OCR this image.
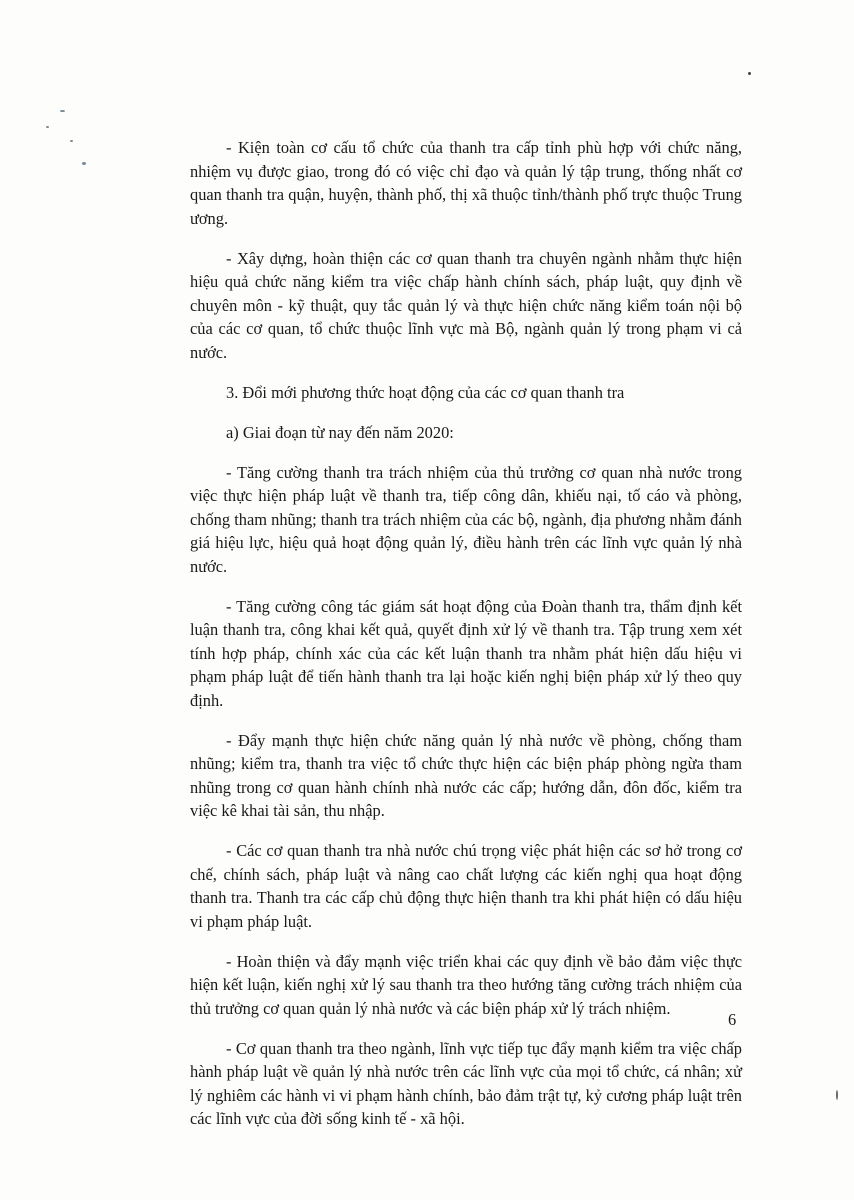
- Kiện toàn cơ cấu tổ chức của thanh tra cấp tỉnh phù hợp với chức năng, nhiệm vụ được giao, trong đó có việc chỉ đạo và quản lý tập trung, thống nhất cơ quan thanh tra quận, huyện, thành phố, thị xã thuộc tỉnh/thành phố trực thuộc Trung ương.

- Xây dựng, hoàn thiện các cơ quan thanh tra chuyên ngành nhằm thực hiện hiệu quả chức năng kiểm tra việc chấp hành chính sách, pháp luật, quy định về chuyên môn - kỹ thuật, quy tắc quản lý và thực hiện chức năng kiểm toán nội bộ của các cơ quan, tổ chức thuộc lĩnh vực mà Bộ, ngành quản lý trong phạm vi cả nước.

3. Đổi mới phương thức hoạt động của các cơ quan thanh tra

a) Giai đoạn từ nay đến năm 2020:

- Tăng cường thanh tra trách nhiệm của thủ trưởng cơ quan nhà nước trong việc thực hiện pháp luật về thanh tra, tiếp công dân, khiếu nại, tố cáo và phòng, chống tham nhũng; thanh tra trách nhiệm của các bộ, ngành, địa phương nhằm đánh giá hiệu lực, hiệu quả hoạt động quản lý, điều hành trên các lĩnh vực quản lý nhà nước.

- Tăng cường công tác giám sát hoạt động của Đoàn thanh tra, thẩm định kết luận thanh tra, công khai kết quả, quyết định xử lý về thanh tra. Tập trung xem xét tính hợp pháp, chính xác của các kết luận thanh tra nhằm phát hiện dấu hiệu vi phạm pháp luật để tiến hành thanh tra lại hoặc kiến nghị biện pháp xử lý theo quy định.

- Đẩy mạnh thực hiện chức năng quản lý nhà nước về phòng, chống tham nhũng; kiểm tra, thanh tra việc tổ chức thực hiện các biện pháp phòng ngừa tham nhũng trong cơ quan hành chính nhà nước các cấp; hướng dẫn, đôn đốc, kiểm tra việc kê khai tài sản, thu nhập.

- Các cơ quan thanh tra nhà nước chú trọng việc phát hiện các sơ hở trong cơ chế, chính sách, pháp luật và nâng cao chất lượng các kiến nghị qua hoạt động thanh tra. Thanh tra các cấp chủ động thực hiện thanh tra khi phát hiện có dấu hiệu vi phạm pháp luật.

- Hoàn thiện và đẩy mạnh việc triển khai các quy định về bảo đảm việc thực hiện kết luận, kiến nghị xử lý sau thanh tra theo hướng tăng cường trách nhiệm của thủ trưởng cơ quan quản lý nhà nước và các biện pháp xử lý trách nhiệm.

- Cơ quan thanh tra theo ngành, lĩnh vực tiếp tục đẩy mạnh kiểm tra việc chấp hành pháp luật về quản lý nhà nước trên các lĩnh vực của mọi tổ chức, cá nhân; xử lý nghiêm các hành vi vi phạm hành chính, bảo đảm trật tự, kỷ cương pháp luật trên các lĩnh vực của đời sống kinh tế - xã hội.

6
